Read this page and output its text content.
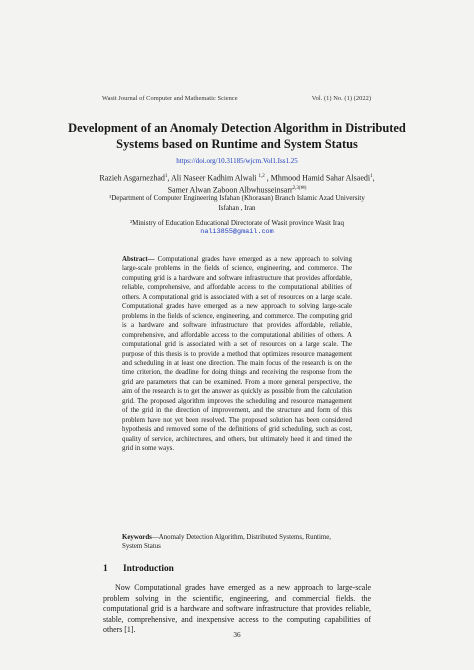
Wasit Journal of Computer and Mathematic Science	Vol. (1) No. (1) (2022)
Development of an Anomaly Detection Algorithm in Distributed Systems based on Runtime and System Status
https://doi.org/10.31185/wjcm.Vol1.Iss1.25
Razieh Asgarnezhad$^1$, Ali Naseer Kadhim Alwali $^{1,2}$ , Mhmood Hamid Sahar Alsaedi$^1$, Samer Alwan Zaboon Albwhusseinsarr$^{2,3(✉)}$
¹Department of Computer Engineering Isfahan (Khorasan) Branch Islamic Azad University Isfahan , Iran
²Ministry of Education Educational Directorate of Wasit province Wasit Iraq
nali3855@gmail.com
Abstract— Computational grades have emerged as a new approach to solving large-scale problems in the fields of science, engineering, and commerce. The computing grid is a hardware and software infrastructure that provides affordable, reliable, comprehensive, and affordable access to the computational abilities of others. A computational grid is associated with a set of resources on a large scale. Computational grades have emerged as a new approach to solving large-scale problems in the fields of science, engineering, and commerce. The computing grid is a hardware and software infrastructure that provides affordable, reliable, comprehensive, and affordable access to the computational abilities of others. A computational grid is associated with a set of resources on a large scale. The purpose of this thesis is to provide a method that optimizes resource management and scheduling in at least one direction. The main focus of the research is on the time criterion, the deadline for doing things and receiving the response from the grid are parameters that can be examined. From a more general perspective, the aim of the research is to get the answer as quickly as possible from the calculation grid. The proposed algorithm improves the scheduling and resource management of the grid in the direction of improvement, and the structure and form of this problem have not yet been resolved. The proposed solution has been considered hypothesis and removed some of the definitions of grid scheduling, such as cost, quality of service, architectures, and others, but ultimately heed it and timed the grid in some ways.
Keywords—Anomaly Detection Algorithm, Distributed Systems, Runtime, System Status
1 Introduction
Now Computational grades have emerged as a new approach to large-scale problem solving in the scientific, engineering, and commercial fields. the computational grid is a hardware and software infrastructure that provides reliable, stable, comprehensive, and inexpensive access to the computing capabilities of others [1].
36
